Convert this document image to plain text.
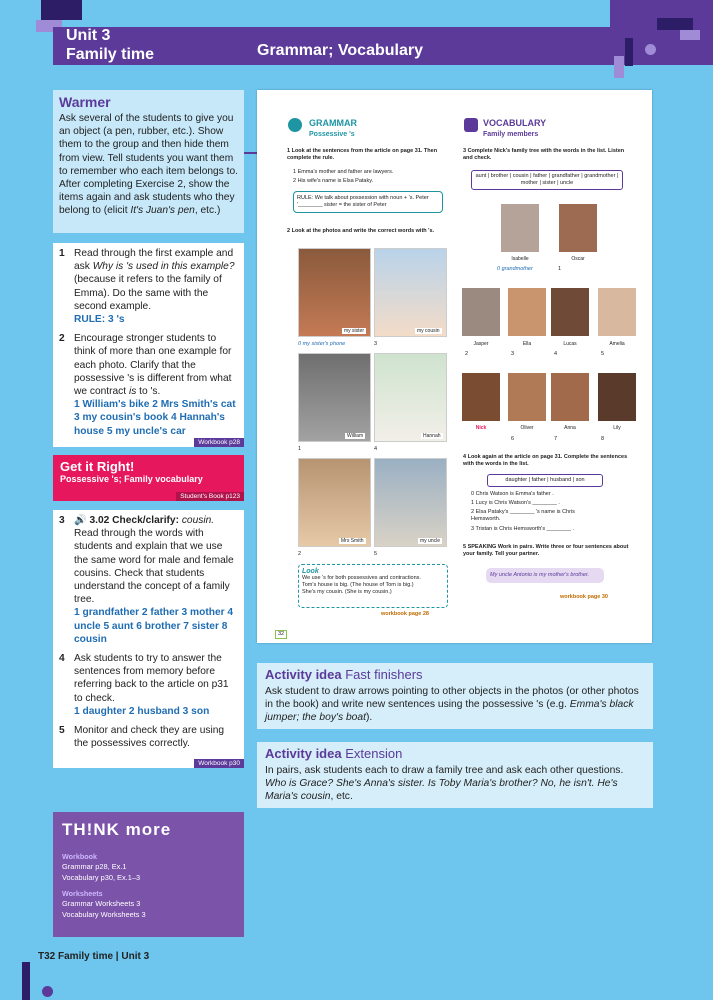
Unit 3
Family time	Grammar; Vocabulary
Warmer
Ask several of the students to give you an object (a pen, rubber, etc.). Show them to the group and then hide them from view. Tell students you want them to remember who each item belongs to. After completing Exercise 2, show the items again and ask students who they belong to (elicit It's Juan's pen, etc.)
1 Read through the first example and ask Why is 's used in this example? (because it refers to the family of Emma). Do the same with the second example.
RULE: 3 's
2 Encourage stronger students to think of more than one example for each photo. Clarify that the possessive 's is different from what we contract is to 's.
1 William's bike 2 Mrs Smith's cat 3 my cousin's book 4 Hannah's house 5 my uncle's car
Workbook p28
Get it Right!

Possessive 's; Family vocabulary

Student's Book p123
3 🔊 3.02 Check/clarify: cousin. Read through the words with students and explain that we use the same word for male and female cousins. Check that students understand the concept of a family tree.
1 grandfather 2 father 3 mother 4 uncle 5 aunt 6 brother 7 sister 8 cousin
4 Ask students to try to answer the sentences from memory before referring back to the article on p31 to check.
1 daughter 2 husband 3 son
5 Monitor and check they are using the possessives correctly.
Workbook p30
TH!NK more
Workbook
Grammar p28, Ex.1
Vocabulary p30, Ex.1–3
Worksheets
Grammar Worksheets 3
Vocabulary Worksheets 3
T32 Family time | Unit 3
GRAMMAR
Possessive 's
1 Look at the sentences from the article on page 31. Then complete the rule.
1 Emma's mother and father are lawyers.
2 His wife's name is Elsa Pataky.
RULE: We talk about possession with noun + 's. Peter '________ sister = the sister of Peter
2 Look at the photos and write the correct words with 's.
my sister	my cousin
0 my sister's phone	3
William	Hannah
1	4
Mrs Smith	my uncle
2	5
Look
We use 's for both possessives and contractions.
Tom's house is big. (The house of Tom is big.)
She's my cousin. (She is my cousin.)
workbook page 28
32
VOCABULARY
Family members
3 Complete Nick's family tree with the words in the list. Listen and check.
aunt | brother | cousin | father | grandfather | grandmother | mother | sister | uncle
Isabelle	Oscar
0 grandmother	1
Jasper	Ella	Lucas	Amelia
2	3	4	5
Nick	Oliver	Anna	Lily
6	7	8
4 Look again at the article on page 31. Complete the sentences with the words in the list.
daughter | father | husband | son
0 Chris Watson is Emma's father .
1 Lucy is Chris Watson's ________ .
2 Elsa Pataky's ________ 's name is Chris Hemsworth.
3 Tristan is Chris Hemsworth's ________ .
5 SPEAKING Work in pairs. Write three or four sentences about your family. Tell your partner.
My uncle Antonio is my mother's brother.
workbook page 30
Activity idea Fast finishers

Ask student to draw arrows pointing to other objects in the photos (or other photos in the book) and write new sentences using the possessive 's (e.g. Emma's black jumper; the boy's boat).

Activity idea Extension

In pairs, ask students each to draw a family tree and ask each other questions. Who is Grace? She's Anna's sister. Is Toby Maria's brother? No, he isn't. He's Maria's cousin, etc.
